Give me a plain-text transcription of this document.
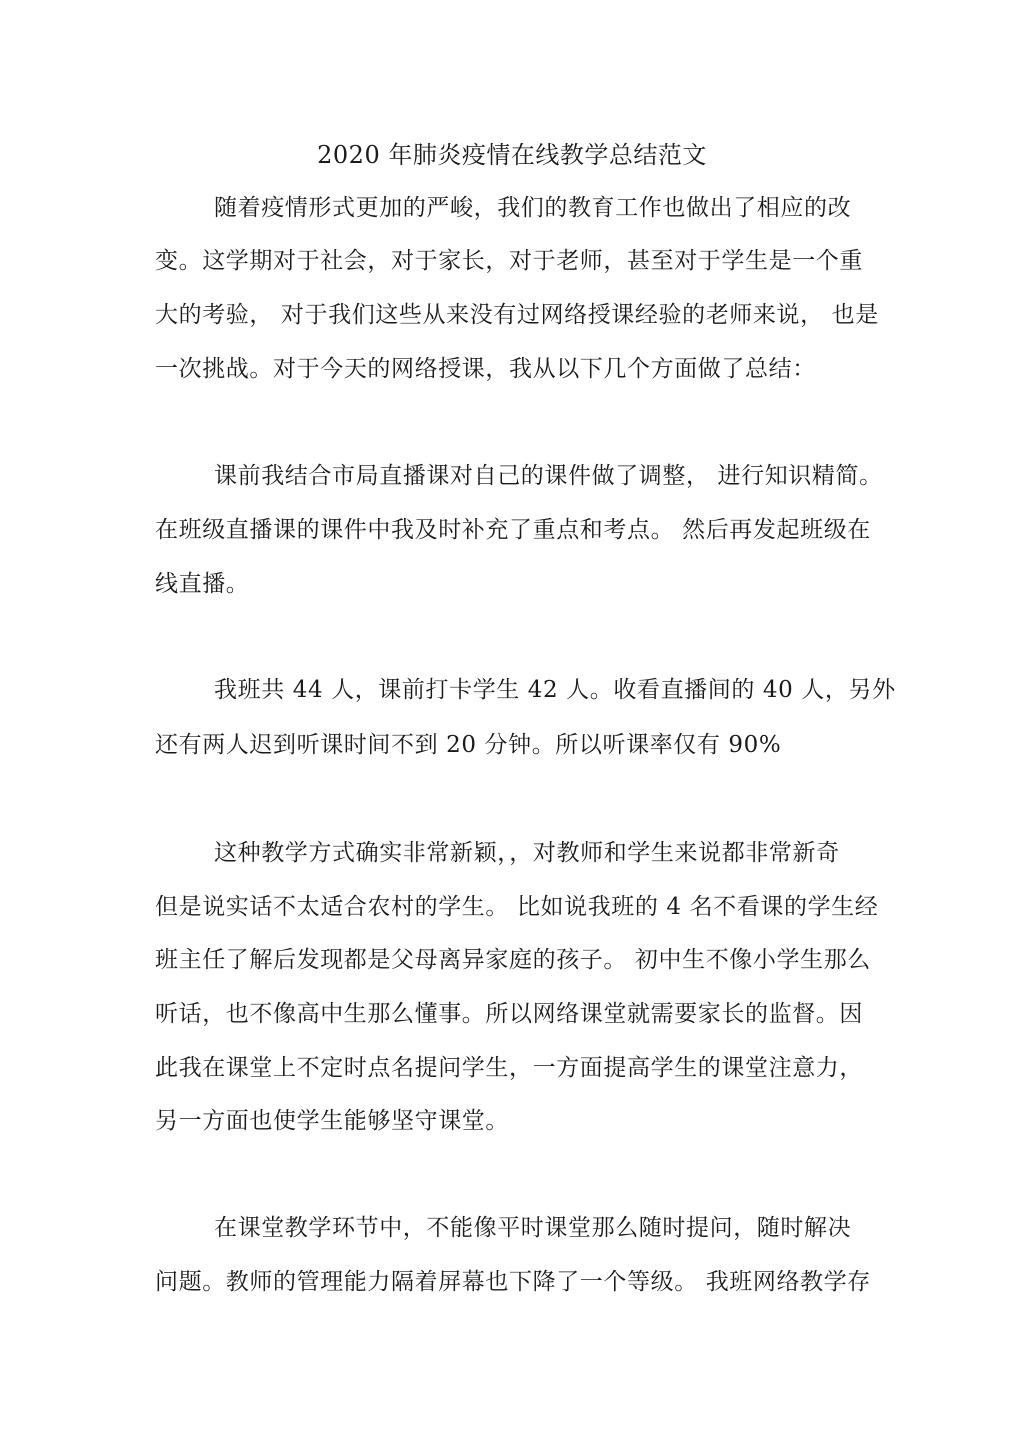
2020 年肺炎疫情在线教学总结范文
随着疫情形式更加的严峻，我们的教育工作也做出了相应的改
变。这学期对于社会，对于家长，对于老师，甚至对于学生是一个重
大的考验， 对于我们这些从来没有过网络授课经验的老师来说， 也是
一次挑战。对于今天的网络授课，我从以下几个方面做了总结：
课前我结合市局直播课对自己的课件做了调整， 进行知识精简。
在班级直播课的课件中我及时补充了重点和考点。 然后再发起班级在
线直播。
我班共 44 人，课前打卡学生 42 人。收看直播间的 40 人，另外
还有两人迟到听课时间不到 20 分钟。所以听课率仅有 90%
这种教学方式确实非常新颖，，对教师和学生来说都非常新奇
但是说实话不太适合农村的学生。 比如说我班的 4 名不看课的学生经
班主任了解后发现都是父母离异家庭的孩子。 初中生不像小学生那么
听话，也不像高中生那么懂事。所以网络课堂就需要家长的监督。因
此我在课堂上不定时点名提问学生，一方面提高学生的课堂注意力，
另一方面也使学生能够坚守课堂。
在课堂教学环节中，不能像平时课堂那么随时提问，随时解决
问题。教师的管理能力隔着屏幕也下降了一个等级。 我班网络教学存
